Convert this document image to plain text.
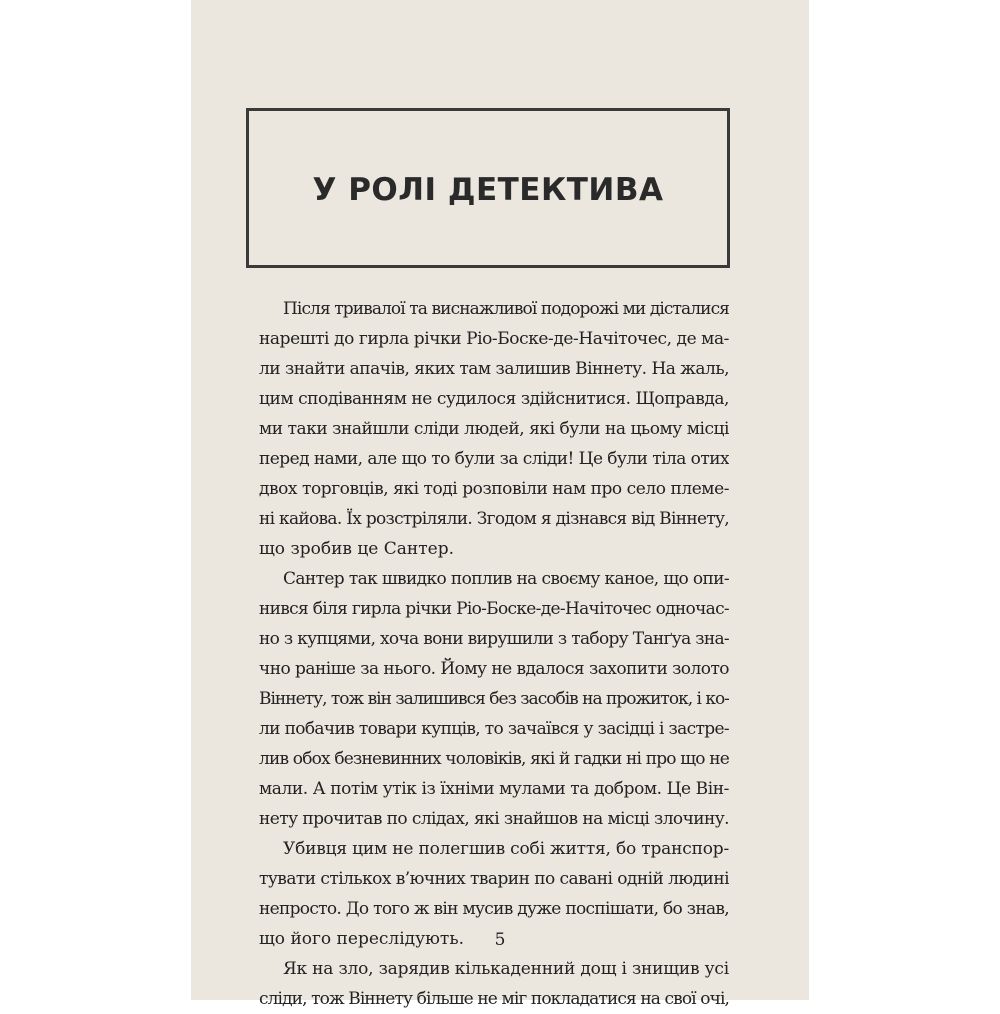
У РОЛІ ДЕТЕКТИВА
Після тривалої та виснажливої подорожі ми дісталися
нарешті до гирла річки Ріо-Боске-де-Начіточес, де ма-
ли знайти апачів, яких там залишив Віннету. На жаль,
цим сподіванням не судилося здійснитися. Щоправда,
ми таки знайшли сліди людей, які були на цьому місці
перед нами, але що то були за сліди! Це були тіла отих
двох торговців, які тоді розповіли нам про село племе-
ні кайова. Їх розстріляли. Згодом я дізнався від Віннету,
що зробив це Сантер.
Сантер так швидко поплив на своєму каное, що опи-
нився біля гирла річки Ріо-Боске-де-Начіточес одночас-
но з купцями, хоча вони вирушили з табору Танґуа зна-
чно раніше за нього. Йому не вдалося захопити золото
Віннету, тож він залишився без засобів на прожиток, і ко-
ли побачив товари купців, то зачаївся у засідці і застре-
лив обох безневинних чоловіків, які й гадки ні про що не
мали. А потім утік із їхніми мулами та добром. Це Він-
нету прочитав по слідах, які знайшов на місці злочину.
Убивця цим не полегшив собі життя, бо транспор-
тувати стількох в’ючних тварин по савані одній людині
непросто. До того ж він мусив дуже поспішати, бо знав,
що його переслідують.
Як на зло, зарядив кількаденний дощ і знищив усі
сліди, тож Віннету більше не міг покладатися на свої очі,
5
